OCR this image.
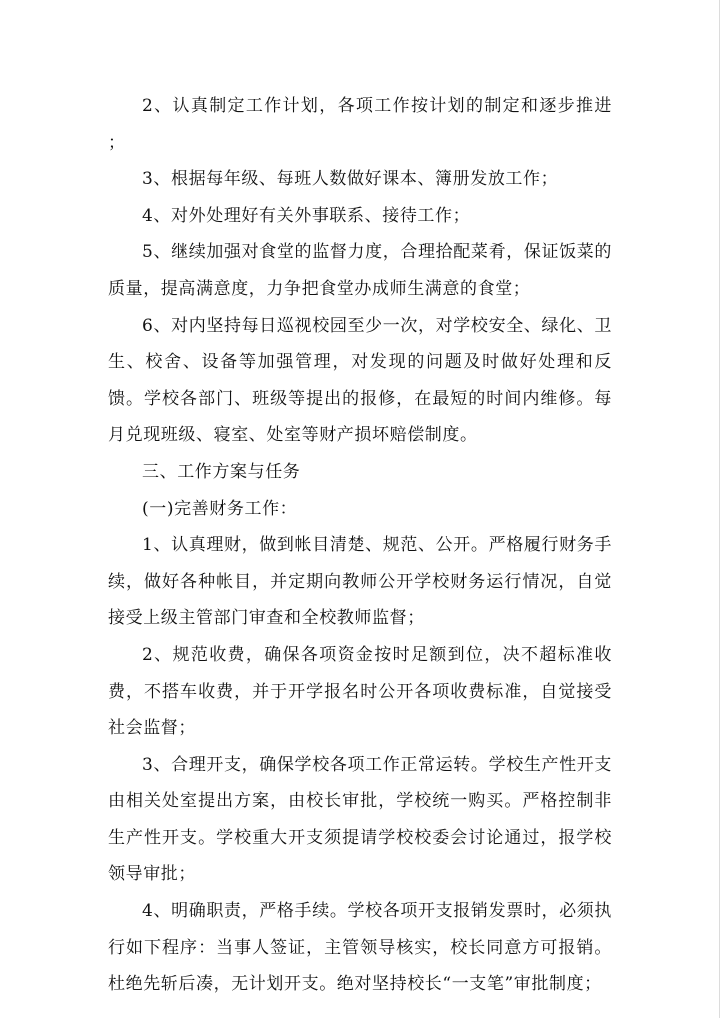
2、认真制定工作计划，各项工作按计划的制定和逐步推进 ；

3、根据每年级、每班人数做好课本、簿册发放工作；

4、对外处理好有关外事联系、接待工作；

5、继续加强对食堂的监督力度，合理拾配菜肴，保证饭菜的质量，提高满意度，力争把食堂办成师生满意的食堂；

6、对内坚持每日巡视校园至少一次，对学校安全、绿化、卫生、校舍、设备等加强管理，对发现的问题及时做好处理和反馈。学校各部门、班级等提出的报修，在最短的时间内维修。每月兑现班级、寝室、处室等财产损坏赔偿制度。

三、工作方案与任务

(一)完善财务工作：

1、认真理财，做到帐目清楚、规范、公开。严格履行财务手续，做好各种帐目，并定期向教师公开学校财务运行情况，自觉接受上级主管部门审查和全校教师监督；

2、规范收费，确保各项资金按时足额到位，决不超标准收费，不搭车收费，并于开学报名时公开各项收费标准，自觉接受社会监督；

3、合理开支，确保学校各项工作正常运转。学校生产性开支由相关处室提出方案，由校长审批，学校统一购买。严格控制非生产性开支。学校重大开支须提请学校校委会讨论通过，报学校领导审批；

4、明确职责，严格手续。学校各项开支报销发票时，必须执行如下程序：当事人签证，主管领导核实，校长同意方可报销。杜绝先斩后凑，无计划开支。绝对坚持校长“一支笔”审批制度；
